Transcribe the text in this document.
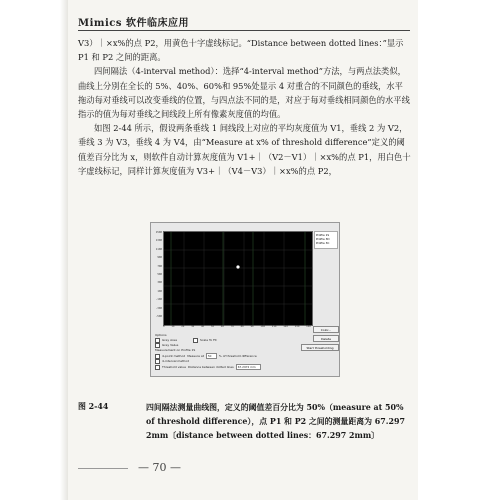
Mimics 软件临床应用

V3）｜×x%的点 P2，用黄色十字虚线标记。“Distance between dotted lines：”显示 P1 和 P2 之间的距离。

四间隔法（4-interval method）：选择“4-interval method”方法，与两点法类似，曲线上分別在全长的 5%、40%、60%和 95%处显示 4 对重合的不同颜色的垂线，水平拖动每对垂线可以改变垂线的位置，与四点法不同的是，对应于每对垂线相同颜色的水平线指示的值为每对垂线之间线段上所有像素灰度值的均值。

如图 2-44 所示，假设两条垂线 1 间线段上对应的平均灰度值为 V1，垂线 2 为 V2，垂线 3 为 V3，垂线 4 为 V4，由“Measure at x% of threshold difference”定义的阈值差百分比为 x，则软件自动计算灰度值为 V1+｜（V2－V1）｜×x%的点 P1，用白色十字虚线标记，同样计算灰度值为 V3+｜（V4－V3）｜×x%的点 P2，

1500
1300
1100
900
700
500
300
100
-100
-300
-500
0	10	20	30	40	50	60	70	80	90	100	110	120	130	140
Profile 1S
Profile 3D
Profile 3C
Color...
Delete
Start thresholding
Options
Grey Area	Scale To Fit
Grey Value
Measurement on Profile 1S
4-point method Measure at	50	% of threshold difference
4-interval method
Threshold value Distance between dotted lines	67.2972 mm
图 2-44	四间隔法测量曲线图，定义的阈值差百分比为 50%（measure at 50% of threshold difference），点 P1 和 P2 之间的测量距离为 67.297 2mm〔distance between dotted lines：67.297 2mm〕
— 70 —
